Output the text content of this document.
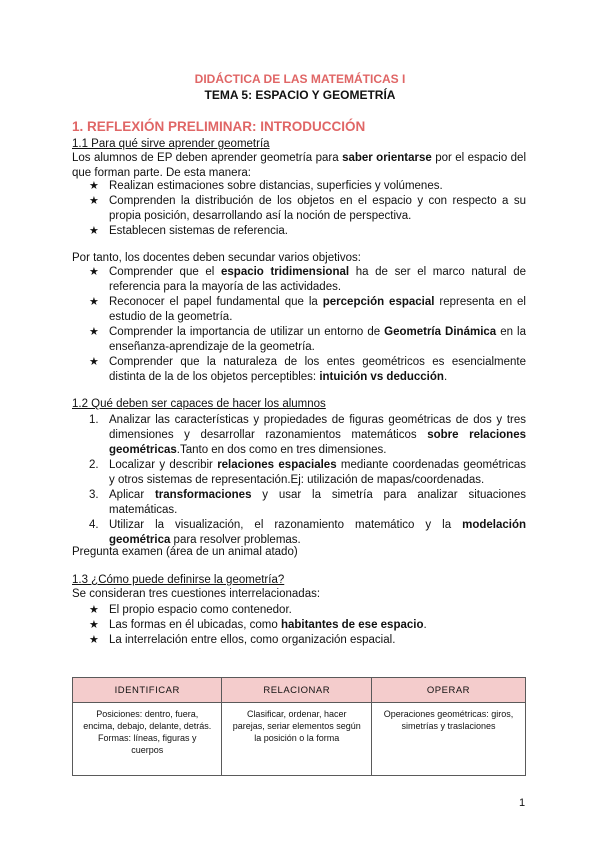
DIDÁCTICA DE LAS MATEMÁTICAS I
TEMA 5: ESPACIO Y GEOMETRÍA
1. REFLEXIÓN PRELIMINAR: INTRODUCCIÓN
1.1 Para qué sirve aprender geometría
Los alumnos de EP deben aprender geometría para saber orientarse por el espacio del que forman parte. De esta manera:
★ Realizan estimaciones sobre distancias, superficies y volúmenes.
★ Comprenden la distribución de los objetos en el espacio y con respecto a su propia posición, desarrollando así la noción de perspectiva.
★ Establecen sistemas de referencia.
Por tanto, los docentes deben secundar varios objetivos:
★ Comprender que el espacio tridimensional ha de ser el marco natural de referencia para la mayoría de las actividades.
★ Reconocer el papel fundamental que la percepción espacial representa en el estudio de la geometría.
★ Comprender la importancia de utilizar un entorno de Geometría Dinámica en la enseñanza-aprendizaje de la geometría.
★ Comprender que la naturaleza de los entes geométricos es esencialmente distinta de la de los objetos perceptibles: intuición vs deducción.
1.2 Qué deben ser capaces de hacer los alumnos
1. Analizar las características y propiedades de figuras geométricas de dos y tres dimensiones y desarrollar razonamientos matemáticos sobre relaciones geométricas.Tanto en dos como en tres dimensiones.
2. Localizar y describir relaciones espaciales mediante coordenadas geométricas y otros sistemas de representación.Ej: utilización de mapas/coordenadas.
3. Aplicar transformaciones y usar la simetría para analizar situaciones matemáticas.
4. Utilizar la visualización, el razonamiento matemático y la modelación geométrica para resolver problemas.
Pregunta examen (área de un animal atado)
1.3 ¿Cómo puede definirse la geometría?
Se consideran tres cuestiones interrelacionadas:
★ El propio espacio como contenedor.
★ Las formas en él ubicadas, como habitantes de ese espacio.
★ La interrelación entre ellos, como organización espacial.
IDENTIFICAR	RELACIONAR	OPERAR

Posiciones: dentro, fuera, encima, debajo, delante, detrás.
Formas: líneas, figuras y cuerpos	Clasificar, ordenar, hacer parejas, seriar elementos según la posición o la forma	Operaciones geométricas: giros, simetrías y traslaciones
1
